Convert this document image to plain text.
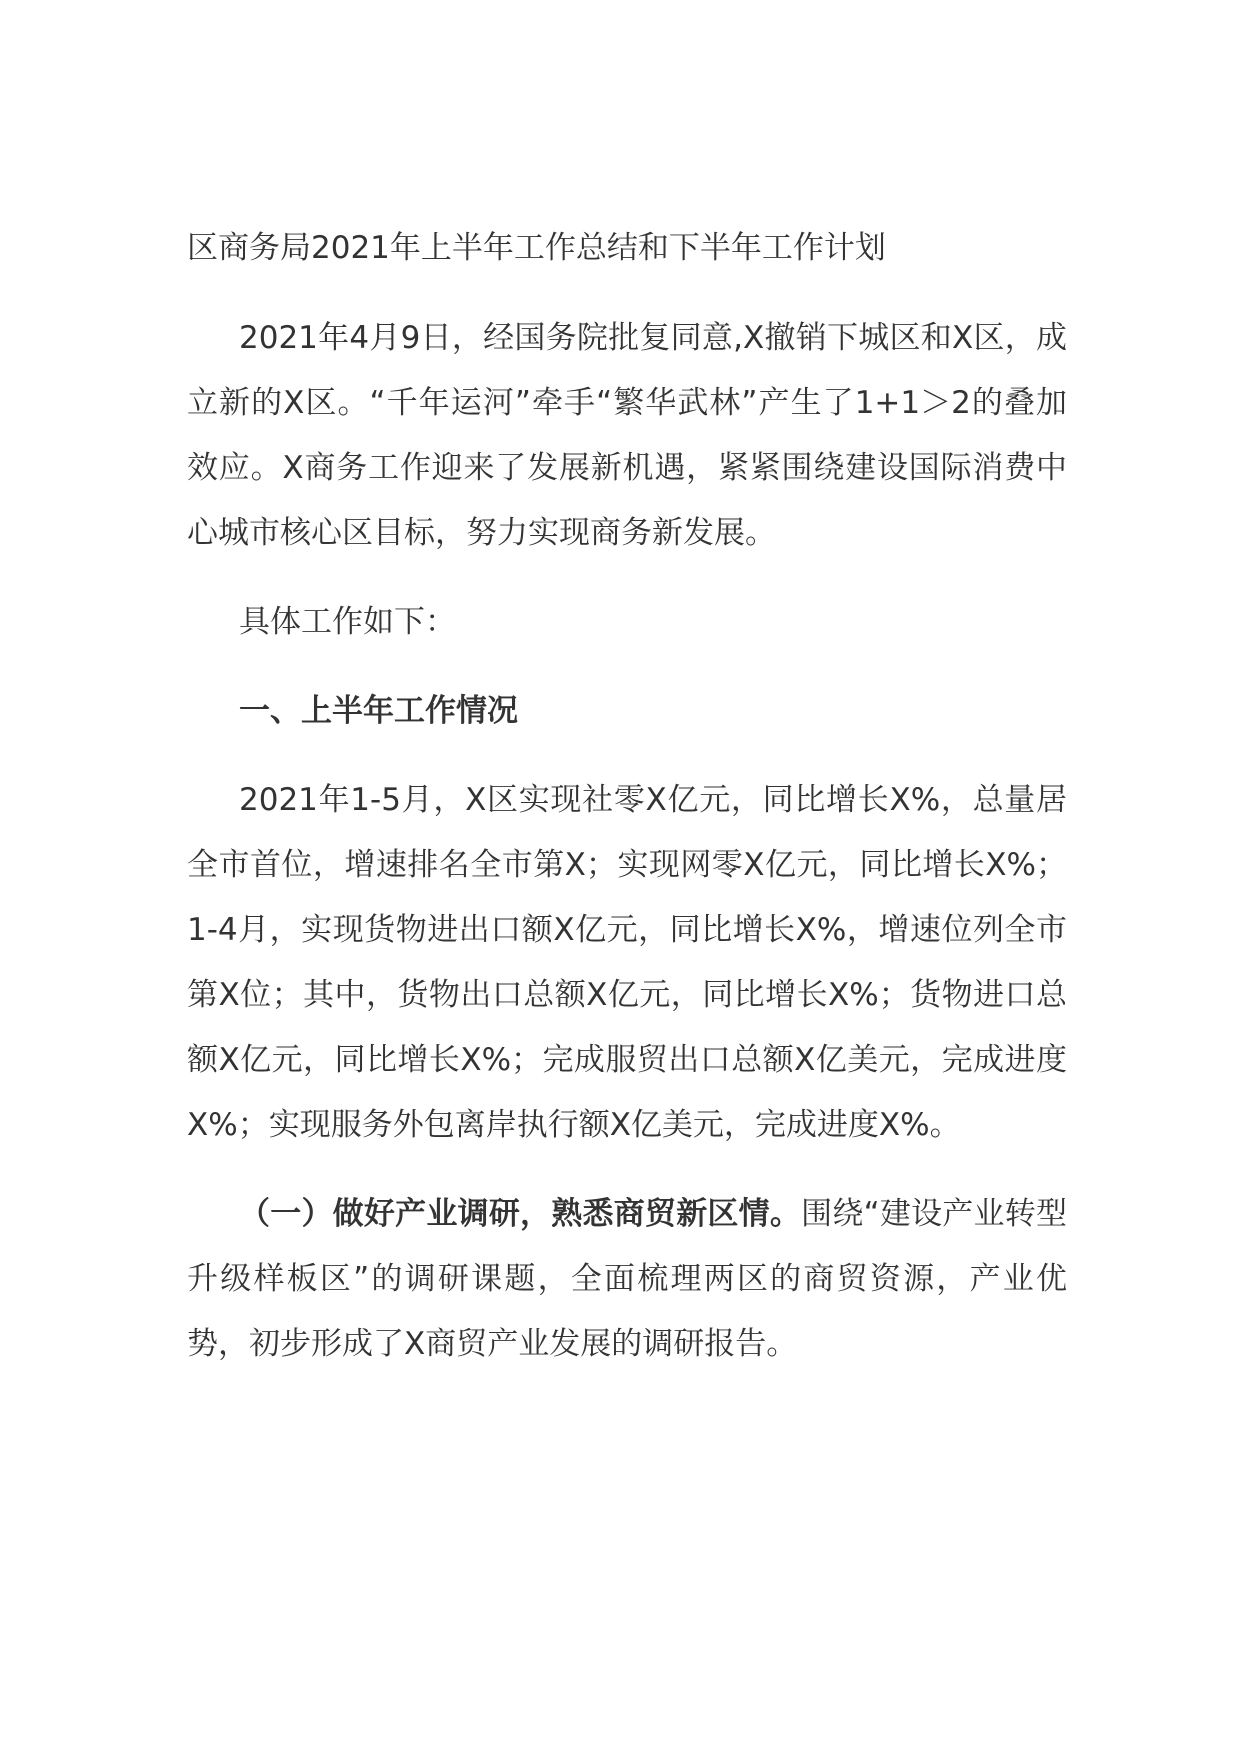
区商务局2021年上半年工作总结和下半年工作计划

2021年4月9日，经国务院批复同意,X撤销下城区和X区，成立新的X区。“千年运河”牵手“繁华武林”产生了1+1＞2的叠加效应。X商务工作迎来了发展新机遇，紧紧围绕建设国际消费中心城市核心区目标，努力实现商务新发展。

具体工作如下：

一、上半年工作情况

2021年1-5月，X区实现社零X亿元，同比增长X%，总量居全市首位，增速排名全市第X；实现网零X亿元，同比增长X%；1-4月，实现货物进出口额X亿元，同比增长X%，增速位列全市第X位；其中，货物出口总额X亿元，同比增长X%；货物进口总额X亿元，同比增长X%；完成服贸出口总额X亿美元，完成进度X%；实现服务外包离岸执行额X亿美元，完成进度X%。

（一）做好产业调研，熟悉商贸新区情。围绕“建设产业转型升级样板区”的调研课题，全面梳理两区的商贸资源，产业优势，初步形成了X商贸产业发展的调研报告。
